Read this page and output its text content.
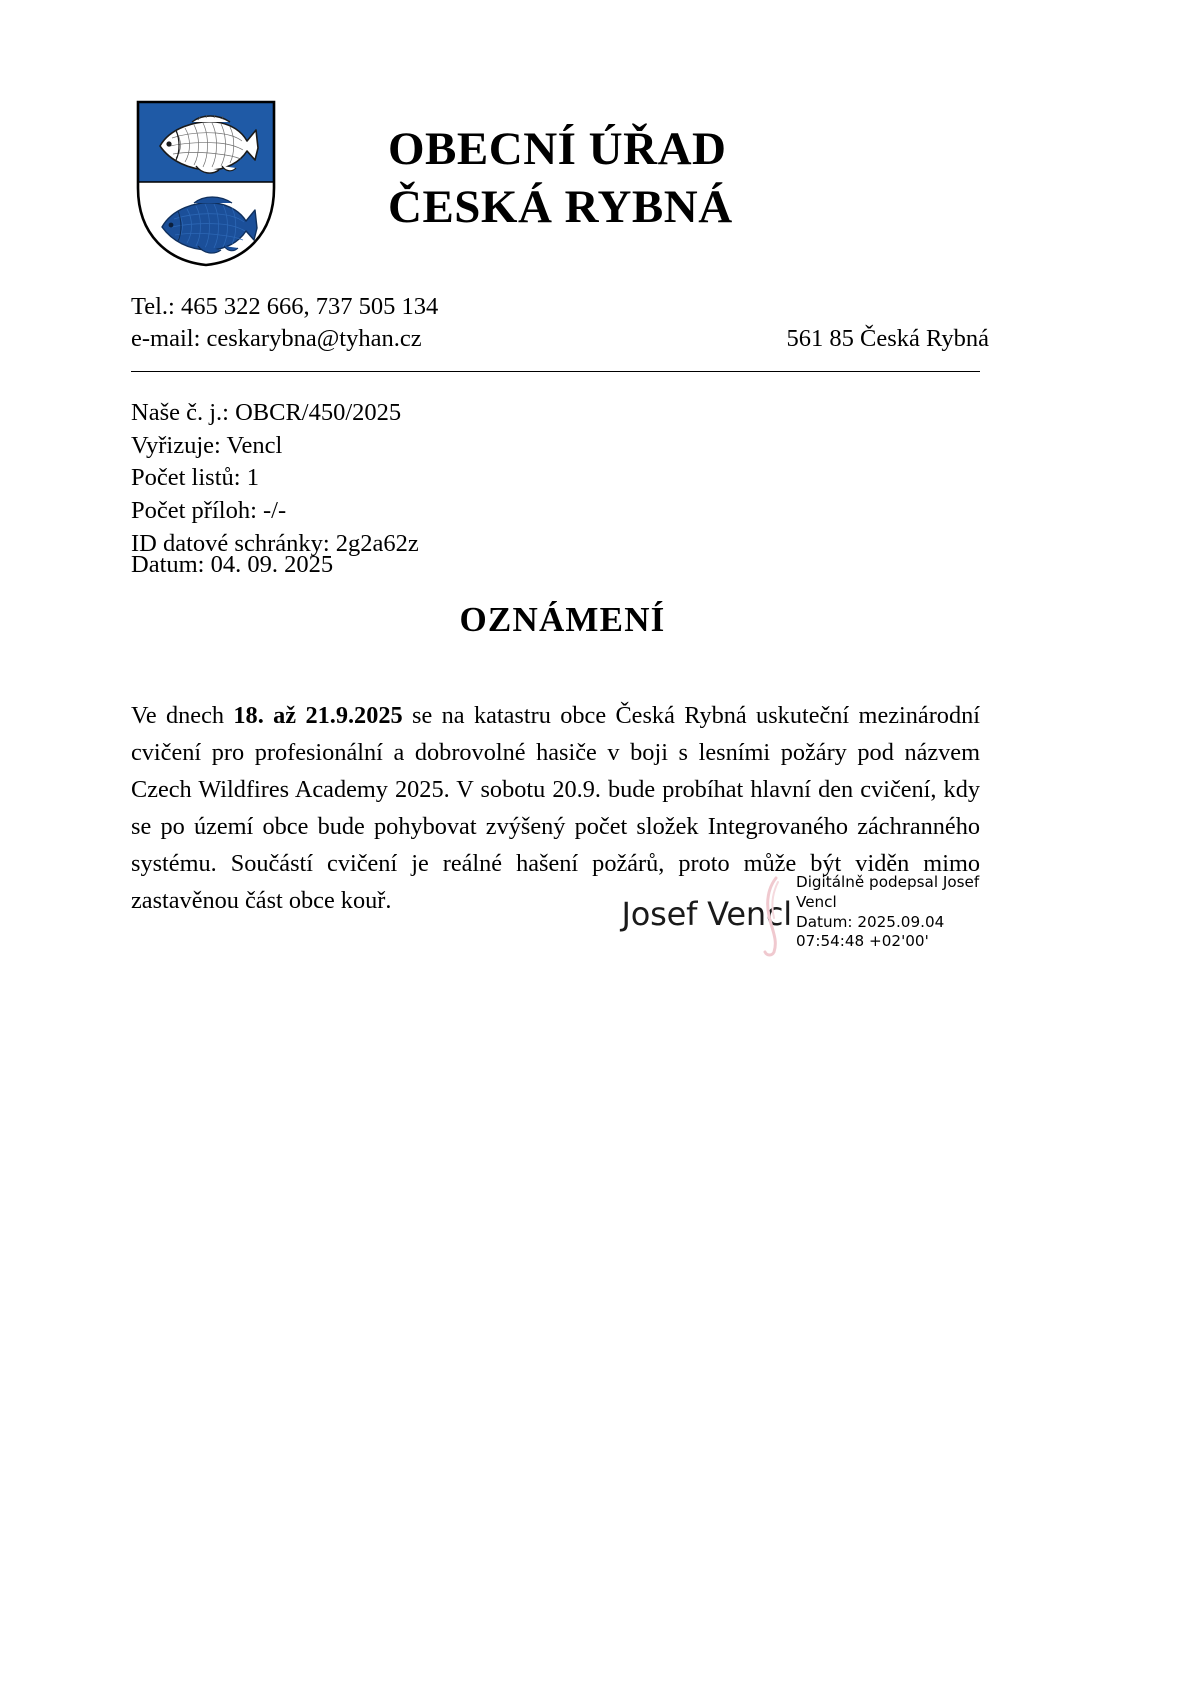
OBECNÍ ÚŘAD
ČESKÁ RYBNÁ
Tel.: 465 322 666, 737 505 134
e-mail: ceskarybna@tyhan.cz	561 85 Česká Rybná
Naše č. j.: OBCR/450/2025
Vyřizuje: Vencl
Počet listů: 1
Počet příloh: -/-
ID datové schránky: 2g2a62z
Datum: 04. 09. 2025
OZNÁMENÍ

Ve dnech 18. až 21.9.2025 se na katastru obce Česká Rybná uskuteční mezinárodní cvičení pro profesionální a dobrovolné hasiče v boji s lesními požáry pod názvem Czech Wildfires Academy 2025. V sobotu 20.9. bude probíhat hlavní den cvičení, kdy se po území obce bude pohybovat zvýšený počet složek Integrovaného záchranného systému. Součástí cvičení je reálné hašení požárů, proto může být viděn mimo zastavěnou část obce kouř.	Josef Vencl
Digitálně podepsal Josef
Vencl
Datum: 2025.09.04
07:54:48 +02'00'
